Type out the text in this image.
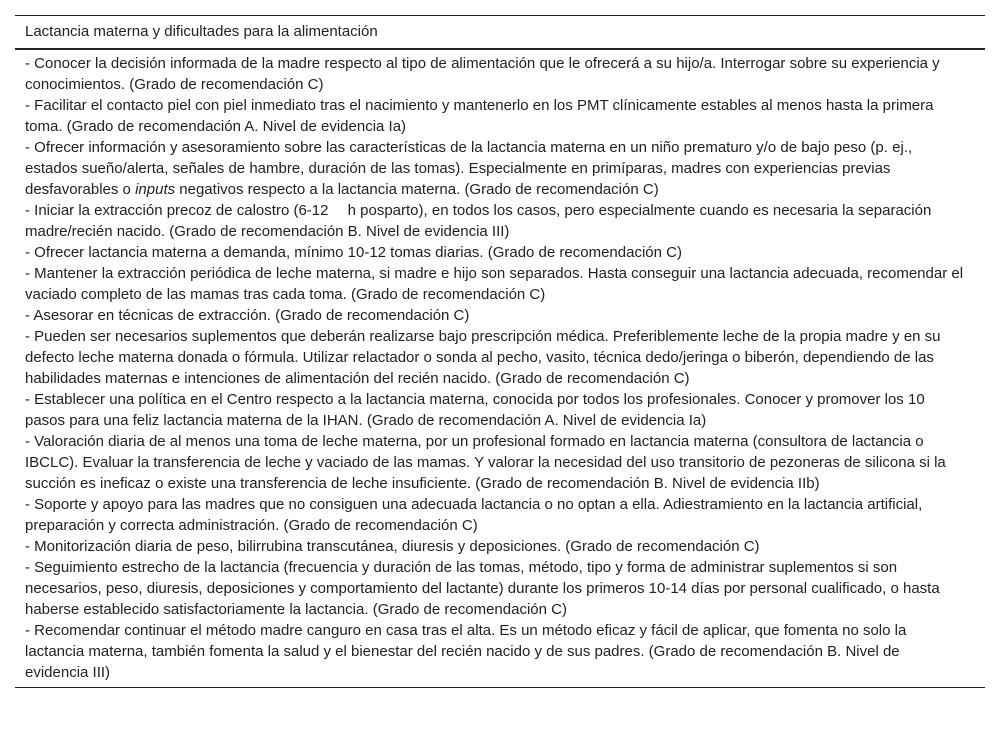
Lactancia materna y dificultades para la alimentación
- Conocer la decisión informada de la madre respecto al tipo de alimentación que le ofrecerá a su hijo/a. Interrogar sobre su experiencia y conocimientos. (Grado de recomendación C)
- Facilitar el contacto piel con piel inmediato tras el nacimiento y mantenerlo en los PMT clínicamente estables al menos hasta la primera toma. (Grado de recomendación A. Nivel de evidencia Ia)
- Ofrecer información y asesoramiento sobre las características de la lactancia materna en un niño prematuro y/o de bajo peso (p. ej., estados sueño/alerta, señales de hambre, duración de las tomas). Especialmente en primíparas, madres con experiencias previas desfavorables o inputs negativos respecto a la lactancia materna. (Grado de recomendación C)
- Iniciar la extracción precoz de calostro (6-12  h posparto), en todos los casos, pero especialmente cuando es necesaria la separación madre/recién nacido. (Grado de recomendación B. Nivel de evidencia III)
- Ofrecer lactancia materna a demanda, mínimo 10-12 tomas diarias. (Grado de recomendación C)
- Mantener la extracción periódica de leche materna, si madre e hijo son separados. Hasta conseguir una lactancia adecuada, recomendar el vaciado completo de las mamas tras cada toma. (Grado de recomendación C)
- Asesorar en técnicas de extracción. (Grado de recomendación C)
- Pueden ser necesarios suplementos que deberán realizarse bajo prescripción médica. Preferiblemente leche de la propia madre y en su defecto leche materna donada o fórmula. Utilizar relactador o sonda al pecho, vasito, técnica dedo/jeringa o biberón, dependiendo de las habilidades maternas e intenciones de alimentación del recién nacido. (Grado de recomendación C)
- Establecer una política en el Centro respecto a la lactancia materna, conocida por todos los profesionales. Conocer y promover los 10 pasos para una feliz lactancia materna de la IHAN. (Grado de recomendación A. Nivel de evidencia Ia)
- Valoración diaria de al menos una toma de leche materna, por un profesional formado en lactancia materna (consultora de lactancia o IBCLC). Evaluar la transferencia de leche y vaciado de las mamas. Y valorar la necesidad del uso transitorio de pezoneras de silicona si la succión es ineficaz o existe una transferencia de leche insuficiente. (Grado de recomendación B. Nivel de evidencia IIb)
- Soporte y apoyo para las madres que no consiguen una adecuada lactancia o no optan a ella. Adiestramiento en la lactancia artificial, preparación y correcta administración. (Grado de recomendación C)
- Monitorización diaria de peso, bilirrubina transcutánea, diuresis y deposiciones. (Grado de recomendación C)
- Seguimiento estrecho de la lactancia (frecuencia y duración de las tomas, método, tipo y forma de administrar suplementos si son necesarios, peso, diuresis, deposiciones y comportamiento del lactante) durante los primeros 10-14 días por personal cualificado, o hasta haberse establecido satisfactoriamente la lactancia. (Grado de recomendación C)
- Recomendar continuar el método madre canguro en casa tras el alta. Es un método eficaz y fácil de aplicar, que fomenta no solo la lactancia materna, también fomenta la salud y el bienestar del recién nacido y de sus padres. (Grado de recomendación B. Nivel de evidencia III)
